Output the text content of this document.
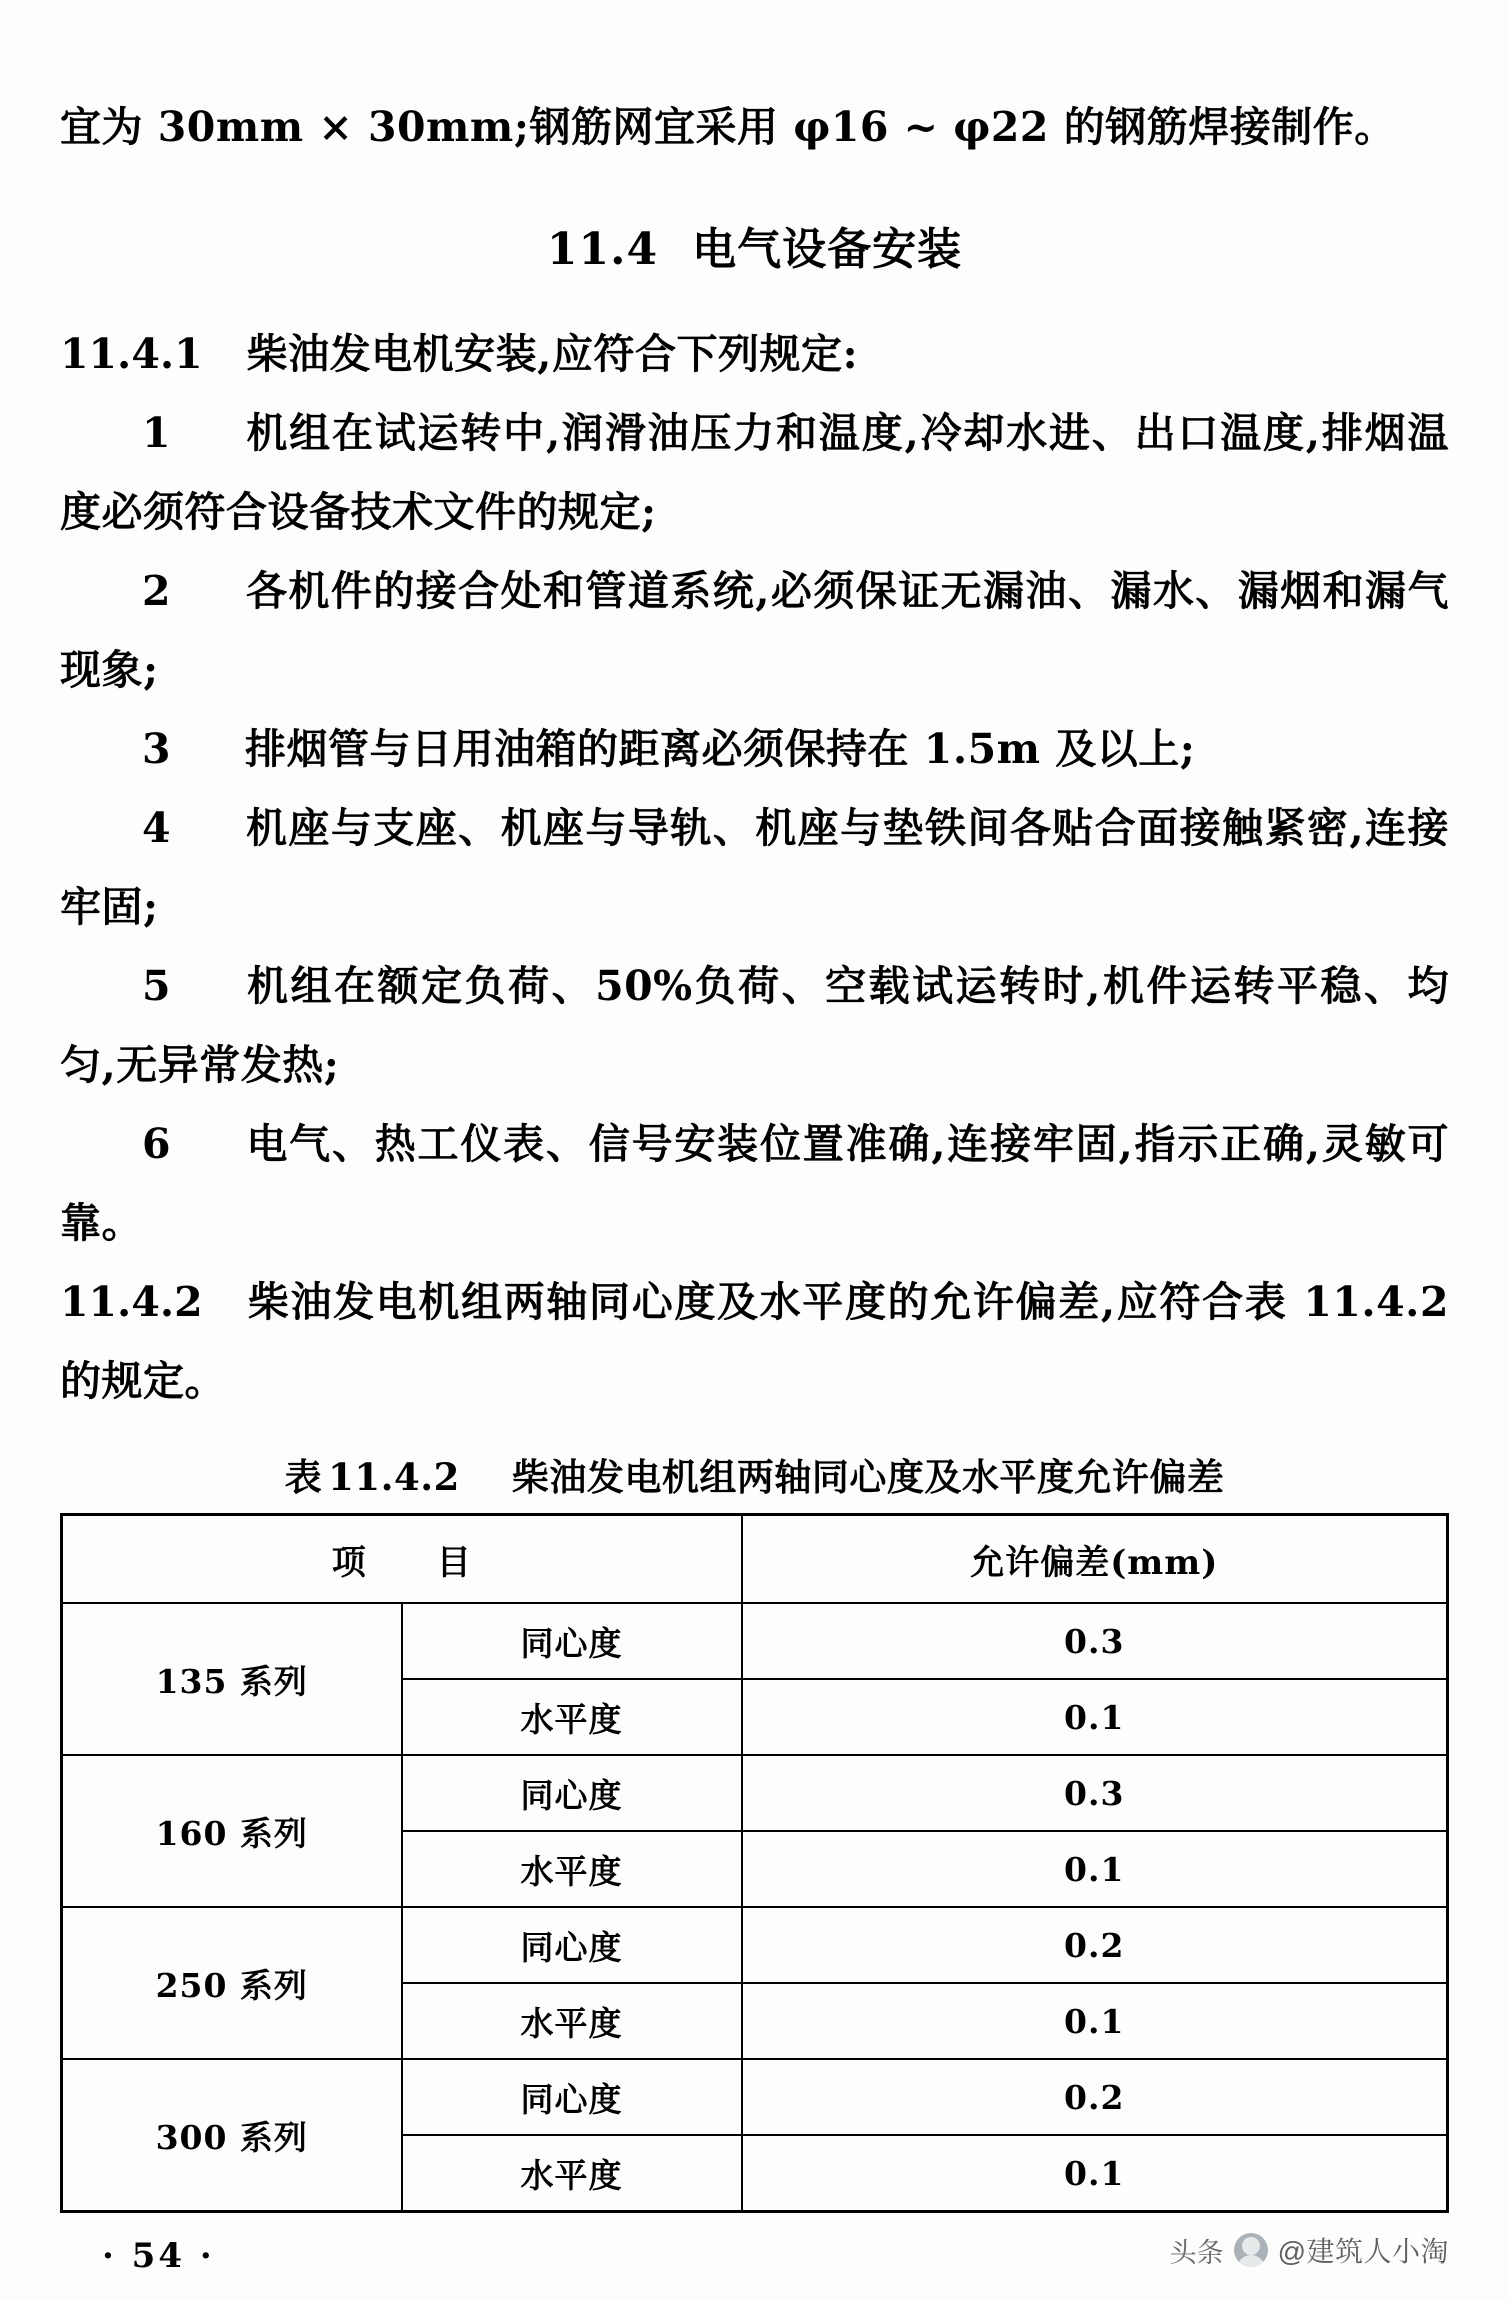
宜为 30mm × 30mm;钢筋网宜采用 φ16 ~ φ22 的钢筋焊接制作。

11.4 电气设备安装

11.4.1 柴油发电机安装,应符合下列规定:

1 机组在试运转中,润滑油压力和温度,冷却水进、出口温度,排烟温度必须符合设备技术文件的规定;

2 各机件的接合处和管道系统,必须保证无漏油、漏水、漏烟和漏气现象;

3 排烟管与日用油箱的距离必须保持在 1.5m 及以上;

4 机座与支座、机座与导轨、机座与垫铁间各贴合面接触紧密,连接牢固;

5 机组在额定负荷、50%负荷、空载试运转时,机件运转平稳、均匀,无异常发热;

6 电气、热工仪表、信号安装位置准确,连接牢固,指示正确,灵敏可靠。

11.4.2 柴油发电机组两轴同心度及水平度的允许偏差,应符合表 11.4.2 的规定。

表 11.4.2 柴油发电机组两轴同心度及水平度允许偏差
项　　目		允许偏差(mm)
135 系列	同心度	0.3
	水平度	0.1
160 系列	同心度	0.3
	水平度	0.1
250 系列	同心度	0.2
	水平度	0.1
300 系列	同心度	0.2
	水平度	0.1
· 54 ·	头条 @建筑人小淘
